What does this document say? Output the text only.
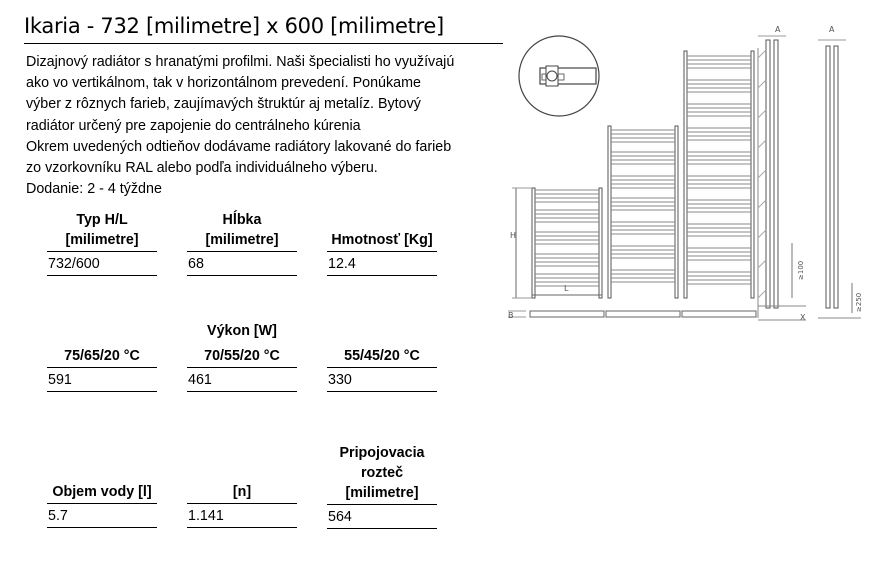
Ikaria - 732 [milimetre] x 600 [milimetre]
Dizajnový radiátor s hranatými profilmi. Naši špecialisti ho využívajú
ako vo vertikálnom, tak v horizontálnom prevedení. Ponúkame
výber z rôznych farieb, zaujímavých štruktúr aj metalíz. Bytový
radiátor určený pre zapojenie do centrálneho kúrenia
Okrem uvedených odtieňov dodávame radiátory lakované do farieb
zo vzorkovníku RAL alebo podľa individuálneho výberu.
Dodanie: 2 - 4 týždne
Typ H/L
[milimetre]
732/600
Hĺbka
[milimetre]
68
Hmotnosť [Kg]
12.4
Výkon [W]
75/65/20 °C
591
70/55/20 °C
461
55/45/20 °C
330
Objem vody [l]
5.7
[n]
1.141
Pripojovacia
rozteč
[milimetre]
564
H
L
B
A
X
≥100
A
≥250
